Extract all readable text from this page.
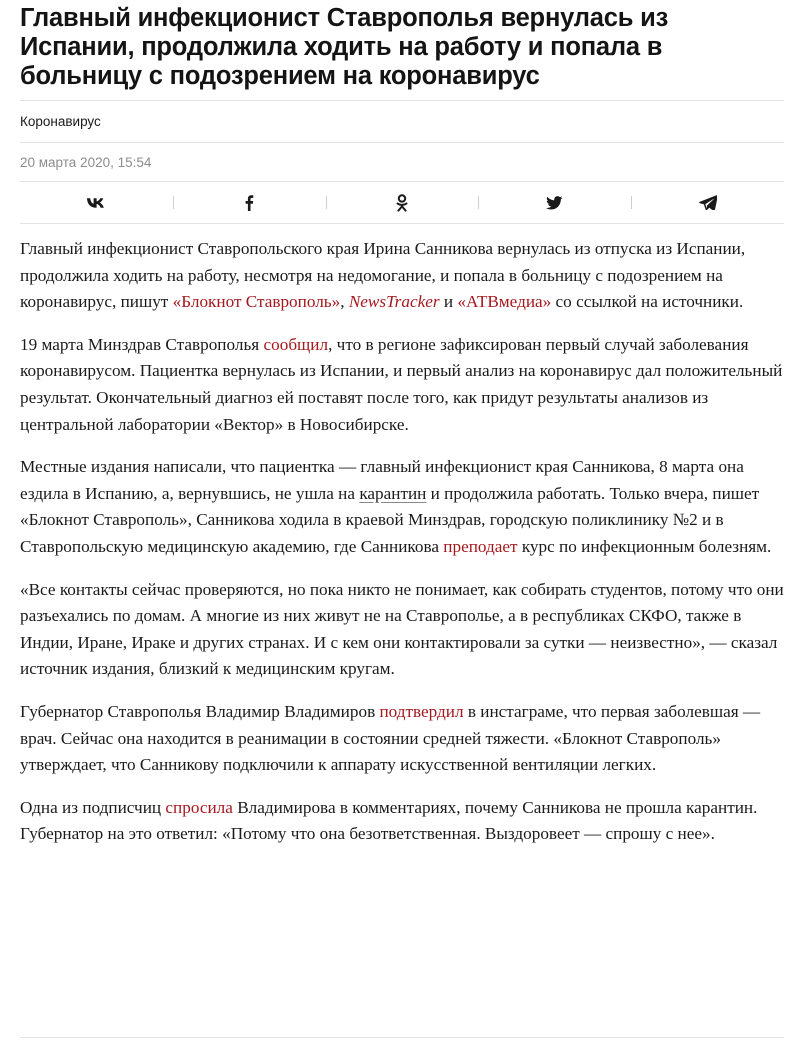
Главный инфекционист Ставрополья вернулась из Испании, продолжила ходить на работу и попала в больницу с подозрением на коронавирус
Коронавирус
20 марта 2020, 15:54

Главный инфекционист Ставропольского края Ирина Санникова вернулась из отпуска из Испании, продолжила ходить на работу, несмотря на недомогание, и попала в больницу с подозрением на коронавирус, пишут «Блокнот Ставрополь», NewsTracker и «АТВмедиа» со ссылкой на источники.

19 марта Минздрав Ставрополья сообщил, что в регионе зафиксирован первый случай заболевания коронавирусом. Пациентка вернулась из Испании, и первый анализ на коронавирус дал положительный результат. Окончательный диагноз ей поставят после того, как придут результаты анализов из центральной лаборатории «Вектор» в Новосибирске.

Местные издания написали, что пациентка — главный инфекционист края Санникова, 8 марта она ездила в Испанию, а, вернувшись, не ушла на карантин и продолжила работать. Только вчера, пишет «Блокнот Ставрополь», Санникова ходила в краевой Минздрав, городскую поликлинику №2 и в Ставропольскую медицинскую академию, где Санникова преподает курс по инфекционным болезням.

«Все контакты сейчас проверяются, но пока никто не понимает, как собирать студентов, потому что они разъехались по домам. А многие из них живут не на Ставрополье, а в республиках СКФО, также в Индии, Иране, Ираке и других странах. И с кем они контактировали за сутки — неизвестно», — сказал источник издания, близкий к медицинским кругам.

Губернатор Ставрополья Владимир Владимиров подтвердил в инстаграме, что первая заболевшая — врач. Сейчас она находится в реанимации в состоянии средней тяжести. «Блокнот Ставрополь» утверждает, что Санникову подключили к аппарату искусственной вентиляции легких.

Одна из подписчиц спросила Владимирова в комментариях, почему Санникова не прошла карантин. Губернатор на это ответил: «Потому что она безответственная. Выздоровеет — спрошу с нее».
